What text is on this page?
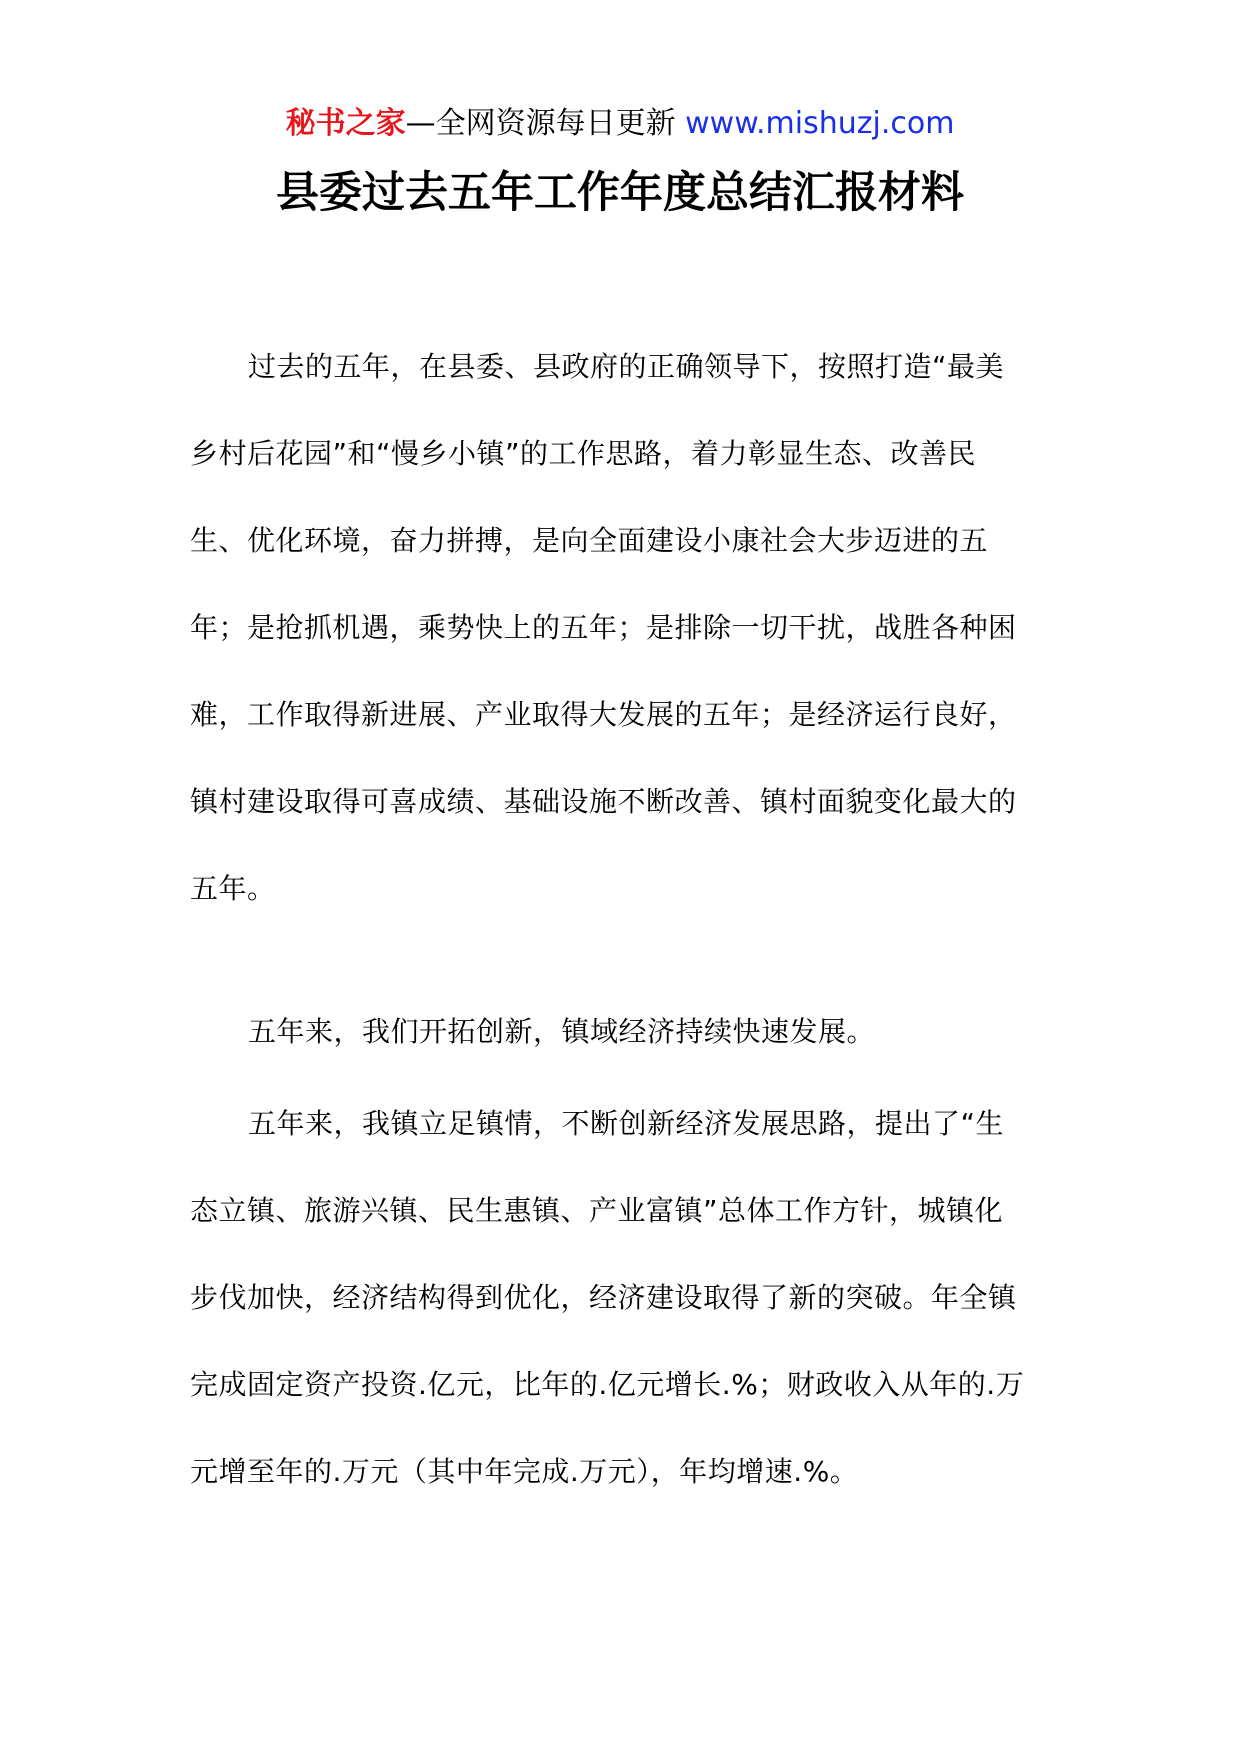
秘书之家—全网资源每日更新 www.mishuzj.com
县委过去五年工作年度总结汇报材料
过去的五年，在县委、县政府的正确领导下，按照打造“最美
乡村后花园”和“慢乡小镇”的工作思路，着力彰显生态、改善民
生、优化环境，奋力拼搏，是向全面建设小康社会大步迈进的五
年；是抢抓机遇，乘势快上的五年；是排除一切干扰，战胜各种困
难，工作取得新进展、产业取得大发展的五年；是经济运行良好，
镇村建设取得可喜成绩、基础设施不断改善、镇村面貌变化最大的
五年。
五年来，我们开拓创新，镇域经济持续快速发展。
五年来，我镇立足镇情，不断创新经济发展思路，提出了“生
态立镇、旅游兴镇、民生惠镇、产业富镇”总体工作方针，城镇化
步伐加快，经济结构得到优化，经济建设取得了新的突破。年全镇
完成固定资产投资.亿元，比年的.亿元增长.%；财政收入从年的.万
元增至年的.万元（其中年完成.万元），年均增速.%。
